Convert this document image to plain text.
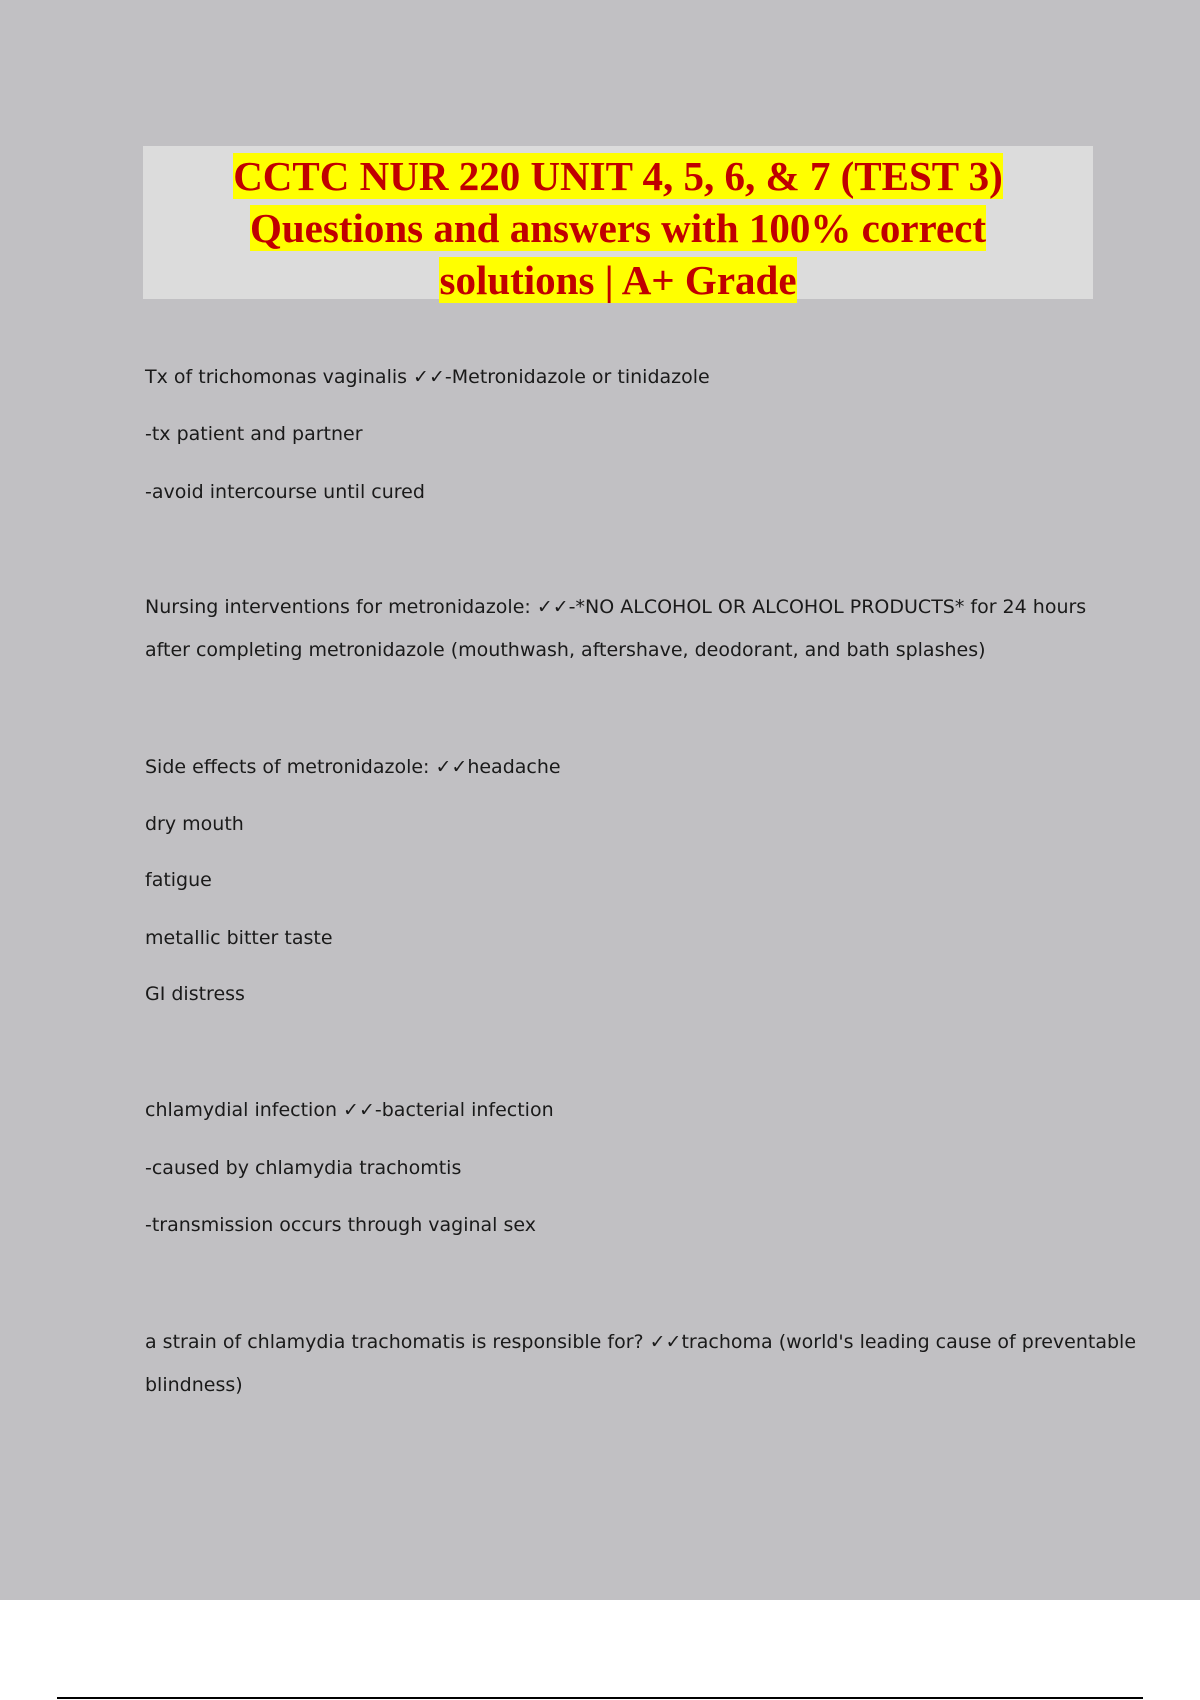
CCTC NUR 220 UNIT 4, 5, 6, & 7 (TEST 3)
Questions and answers with 100% correct
solutions | A+ Grade
Tx of trichomonas vaginalis ✓✓-Metronidazole or tinidazole
-tx patient and partner
-avoid intercourse until cured
Nursing interventions for metronidazole: ✓✓-*NO ALCOHOL OR ALCOHOL PRODUCTS* for 24 hours
after completing metronidazole (mouthwash, aftershave, deodorant, and bath splashes)
Side effects of metronidazole: ✓✓headache
dry mouth
fatigue
metallic bitter taste
GI distress
chlamydial infection ✓✓-bacterial infection
-caused by chlamydia trachomtis
-transmission occurs through vaginal sex
a strain of chlamydia trachomatis is responsible for? ✓✓trachoma (world's leading cause of preventable
blindness)
